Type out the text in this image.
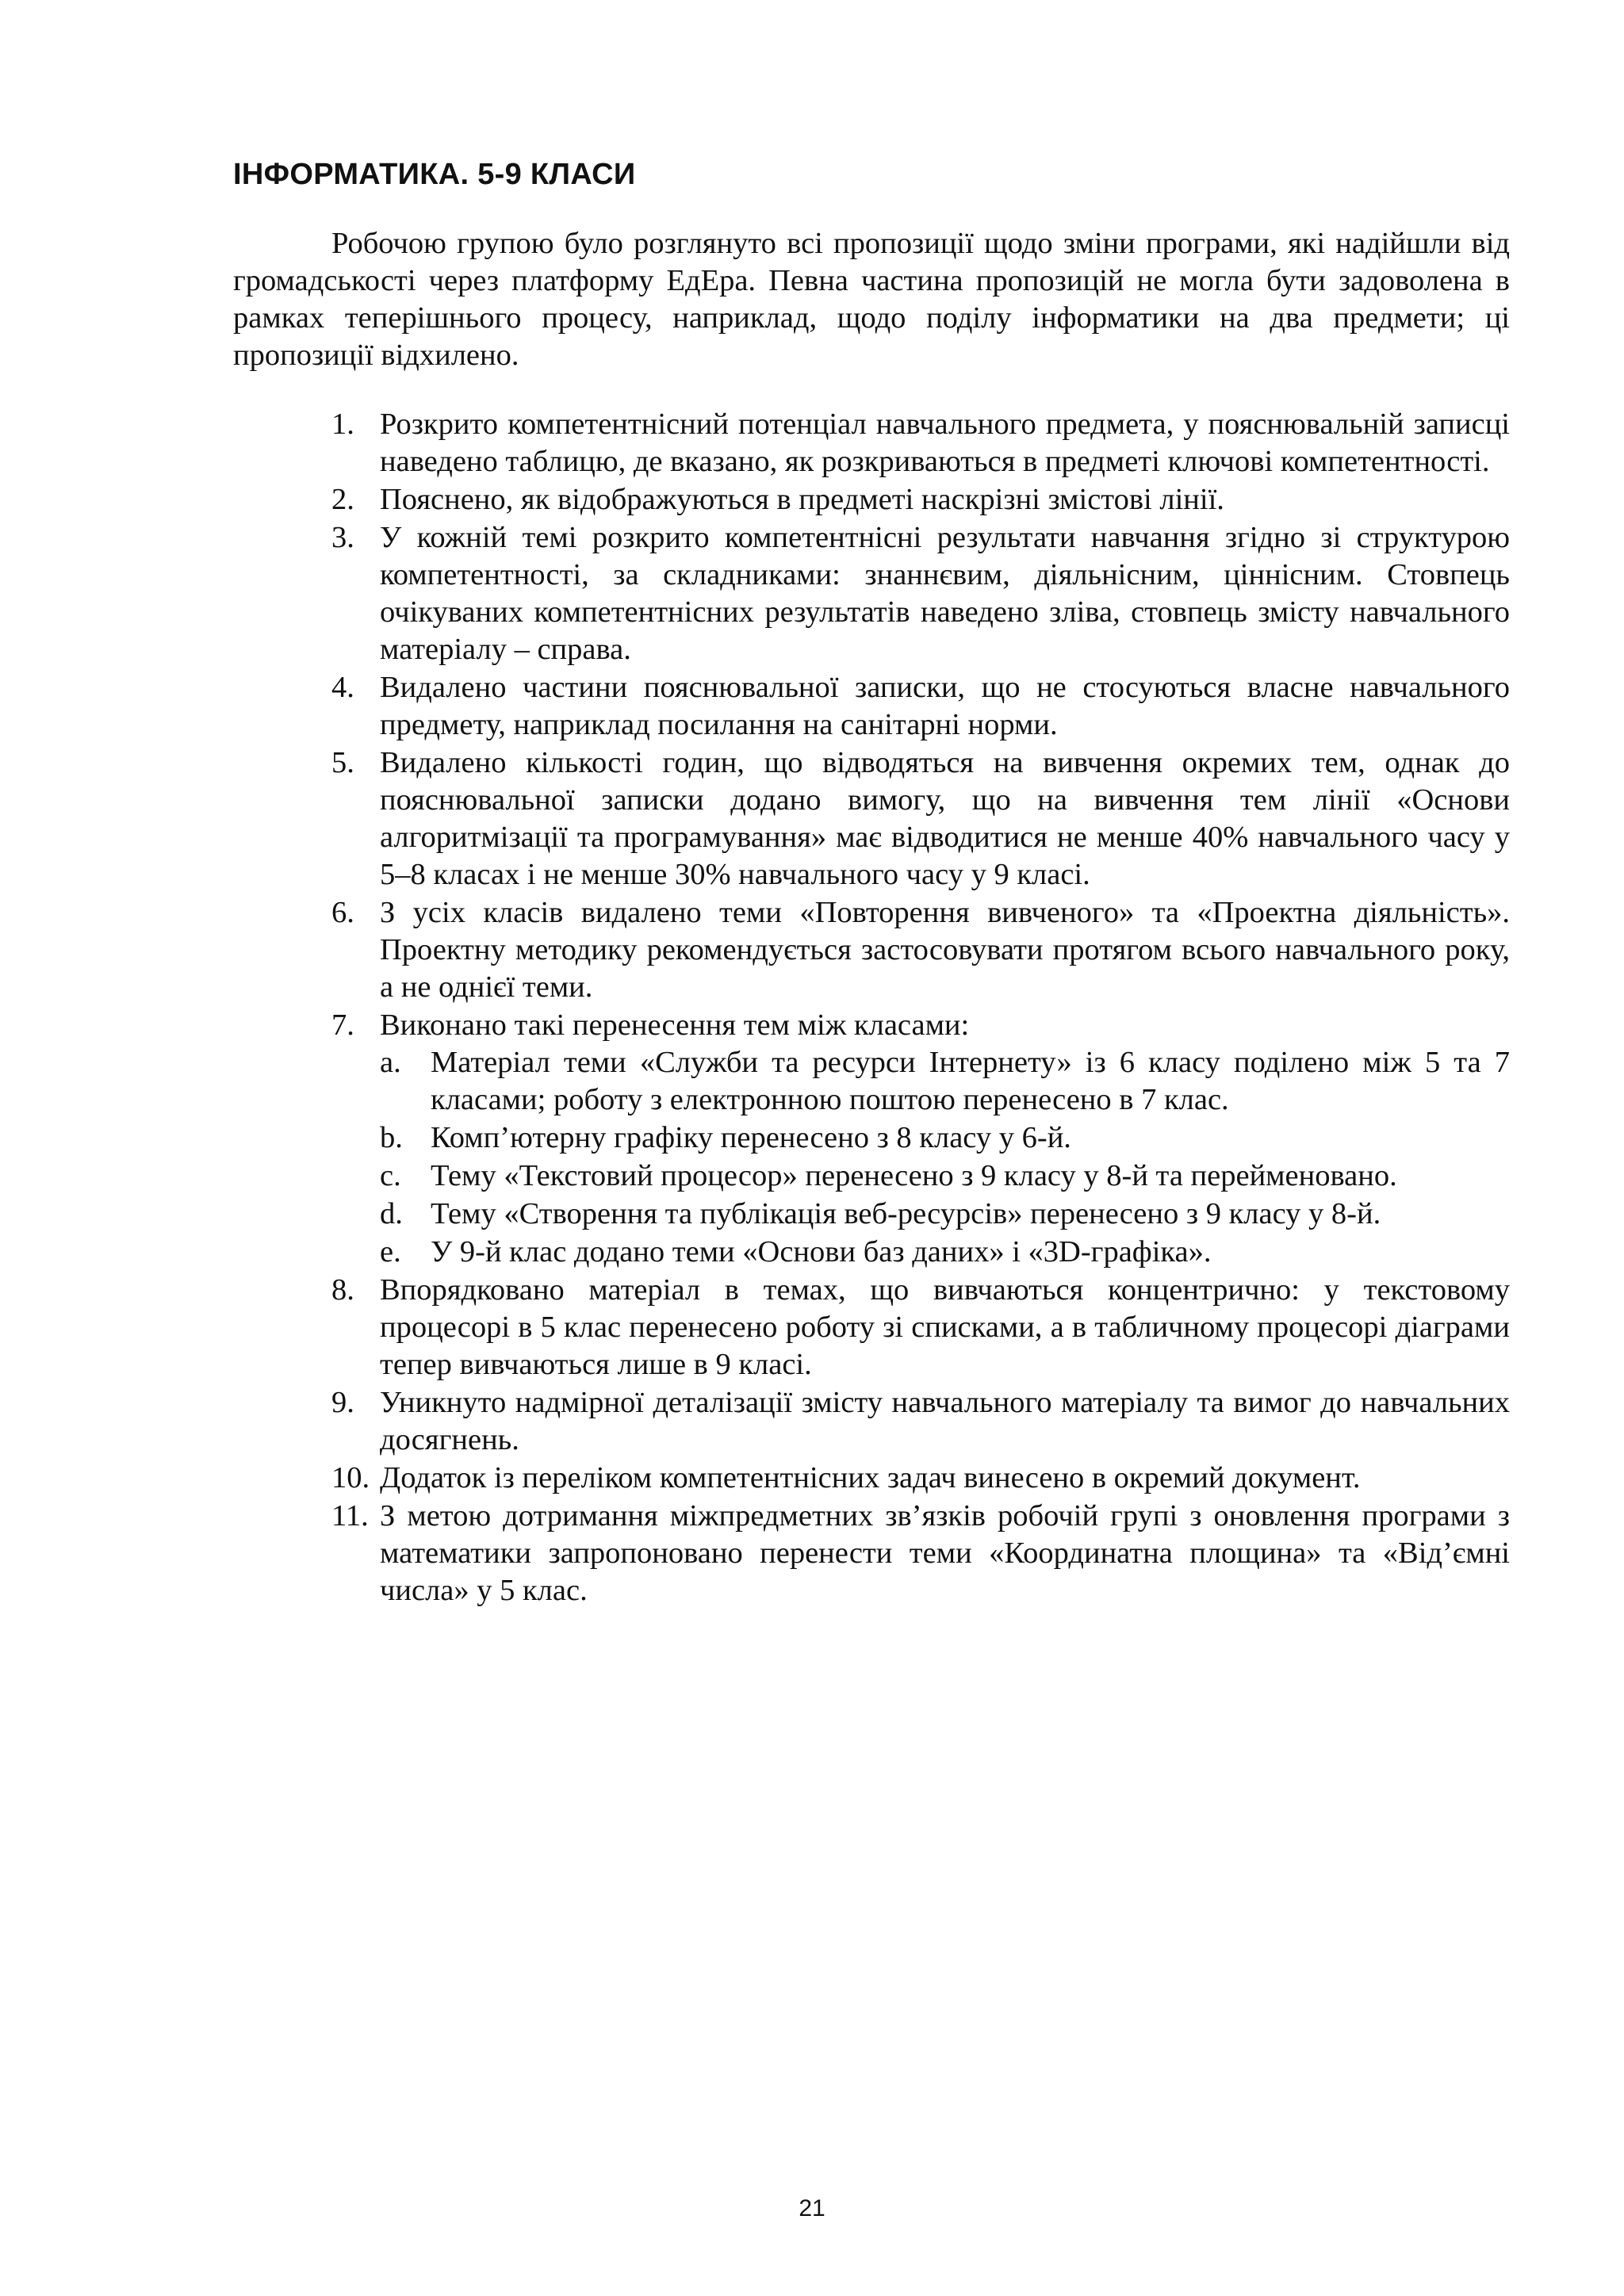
ІНФОРМАТИКА. 5-9 КЛАСИ

Робочою групою було розглянуто всі пропозиції щодо зміни програми, які надійшли від громадськості через платформу ЕдЕра. Певна частина пропозицій не могла бути задоволена в рамках теперішнього процесу, наприклад, щодо поділу інформатики на два предмети; ці пропозиції відхилено.

1. Розкрито компетентнісний потенціал навчального предмета, у пояснювальній записці наведено таблицю, де вказано, як розкриваються в предметі ключові компетентності.
2. Пояснено, як відображуються в предметі наскрізні змістові лінії.
3. У кожній темі розкрито компетентнісні результати навчання згідно зі структурою компетентності, за складниками: знаннєвим, діяльнісним, ціннісним. Стовпець очікуваних компетентнісних результатів наведено зліва, стовпець змісту навчального матеріалу – справа.
4. Видалено частини пояснювальної записки, що не стосуються власне навчального предмету, наприклад посилання на санітарні норми.
5. Видалено кількості годин, що відводяться на вивчення окремих тем, однак до пояснювальної записки додано вимогу, що на вивчення тем лінії «Основи алгоритмізації та програмування» має відводитися не менше 40% навчального часу у 5–8 класах і не менше 30% навчального часу у 9 класі.
6. З усіх класів видалено теми «Повторення вивченого» та «Проектна діяльність». Проектну методику рекомендується застосовувати протягом всього навчального року, а не однієї теми.
7. Виконано такі перенесення тем між класами:
a. Матеріал теми «Служби та ресурси Інтернету» із 6 класу поділено між 5 та 7 класами; роботу з електронною поштою перенесено в 7 клас.
b. Комп’ютерну графіку перенесено з 8 класу у 6-й.
c. Тему «Текстовий процесор» перенесено з 9 класу у 8-й та перейменовано.
d. Тему «Створення та публікація веб-ресурсів» перенесено з 9 класу у 8-й.
e. У 9-й клас додано теми «Основи баз даних» і «3D-графіка».
8. Впорядковано матеріал в темах, що вивчаються концентрично: у текстовому процесорі в 5 клас перенесено роботу зі списками, а в табличному процесорі діаграми тепер вивчаються лише в 9 класі.
9. Уникнуто надмірної деталізації змісту навчального матеріалу та вимог до навчальних досягнень.
10. Додаток із переліком компетентнісних задач винесено в окремий документ.
11. З метою дотримання міжпредметних зв’язків робочій групі з оновлення програми з математики запропоновано перенести теми «Координатна площина» та «Від’ємні числа» у 5 клас.

21
